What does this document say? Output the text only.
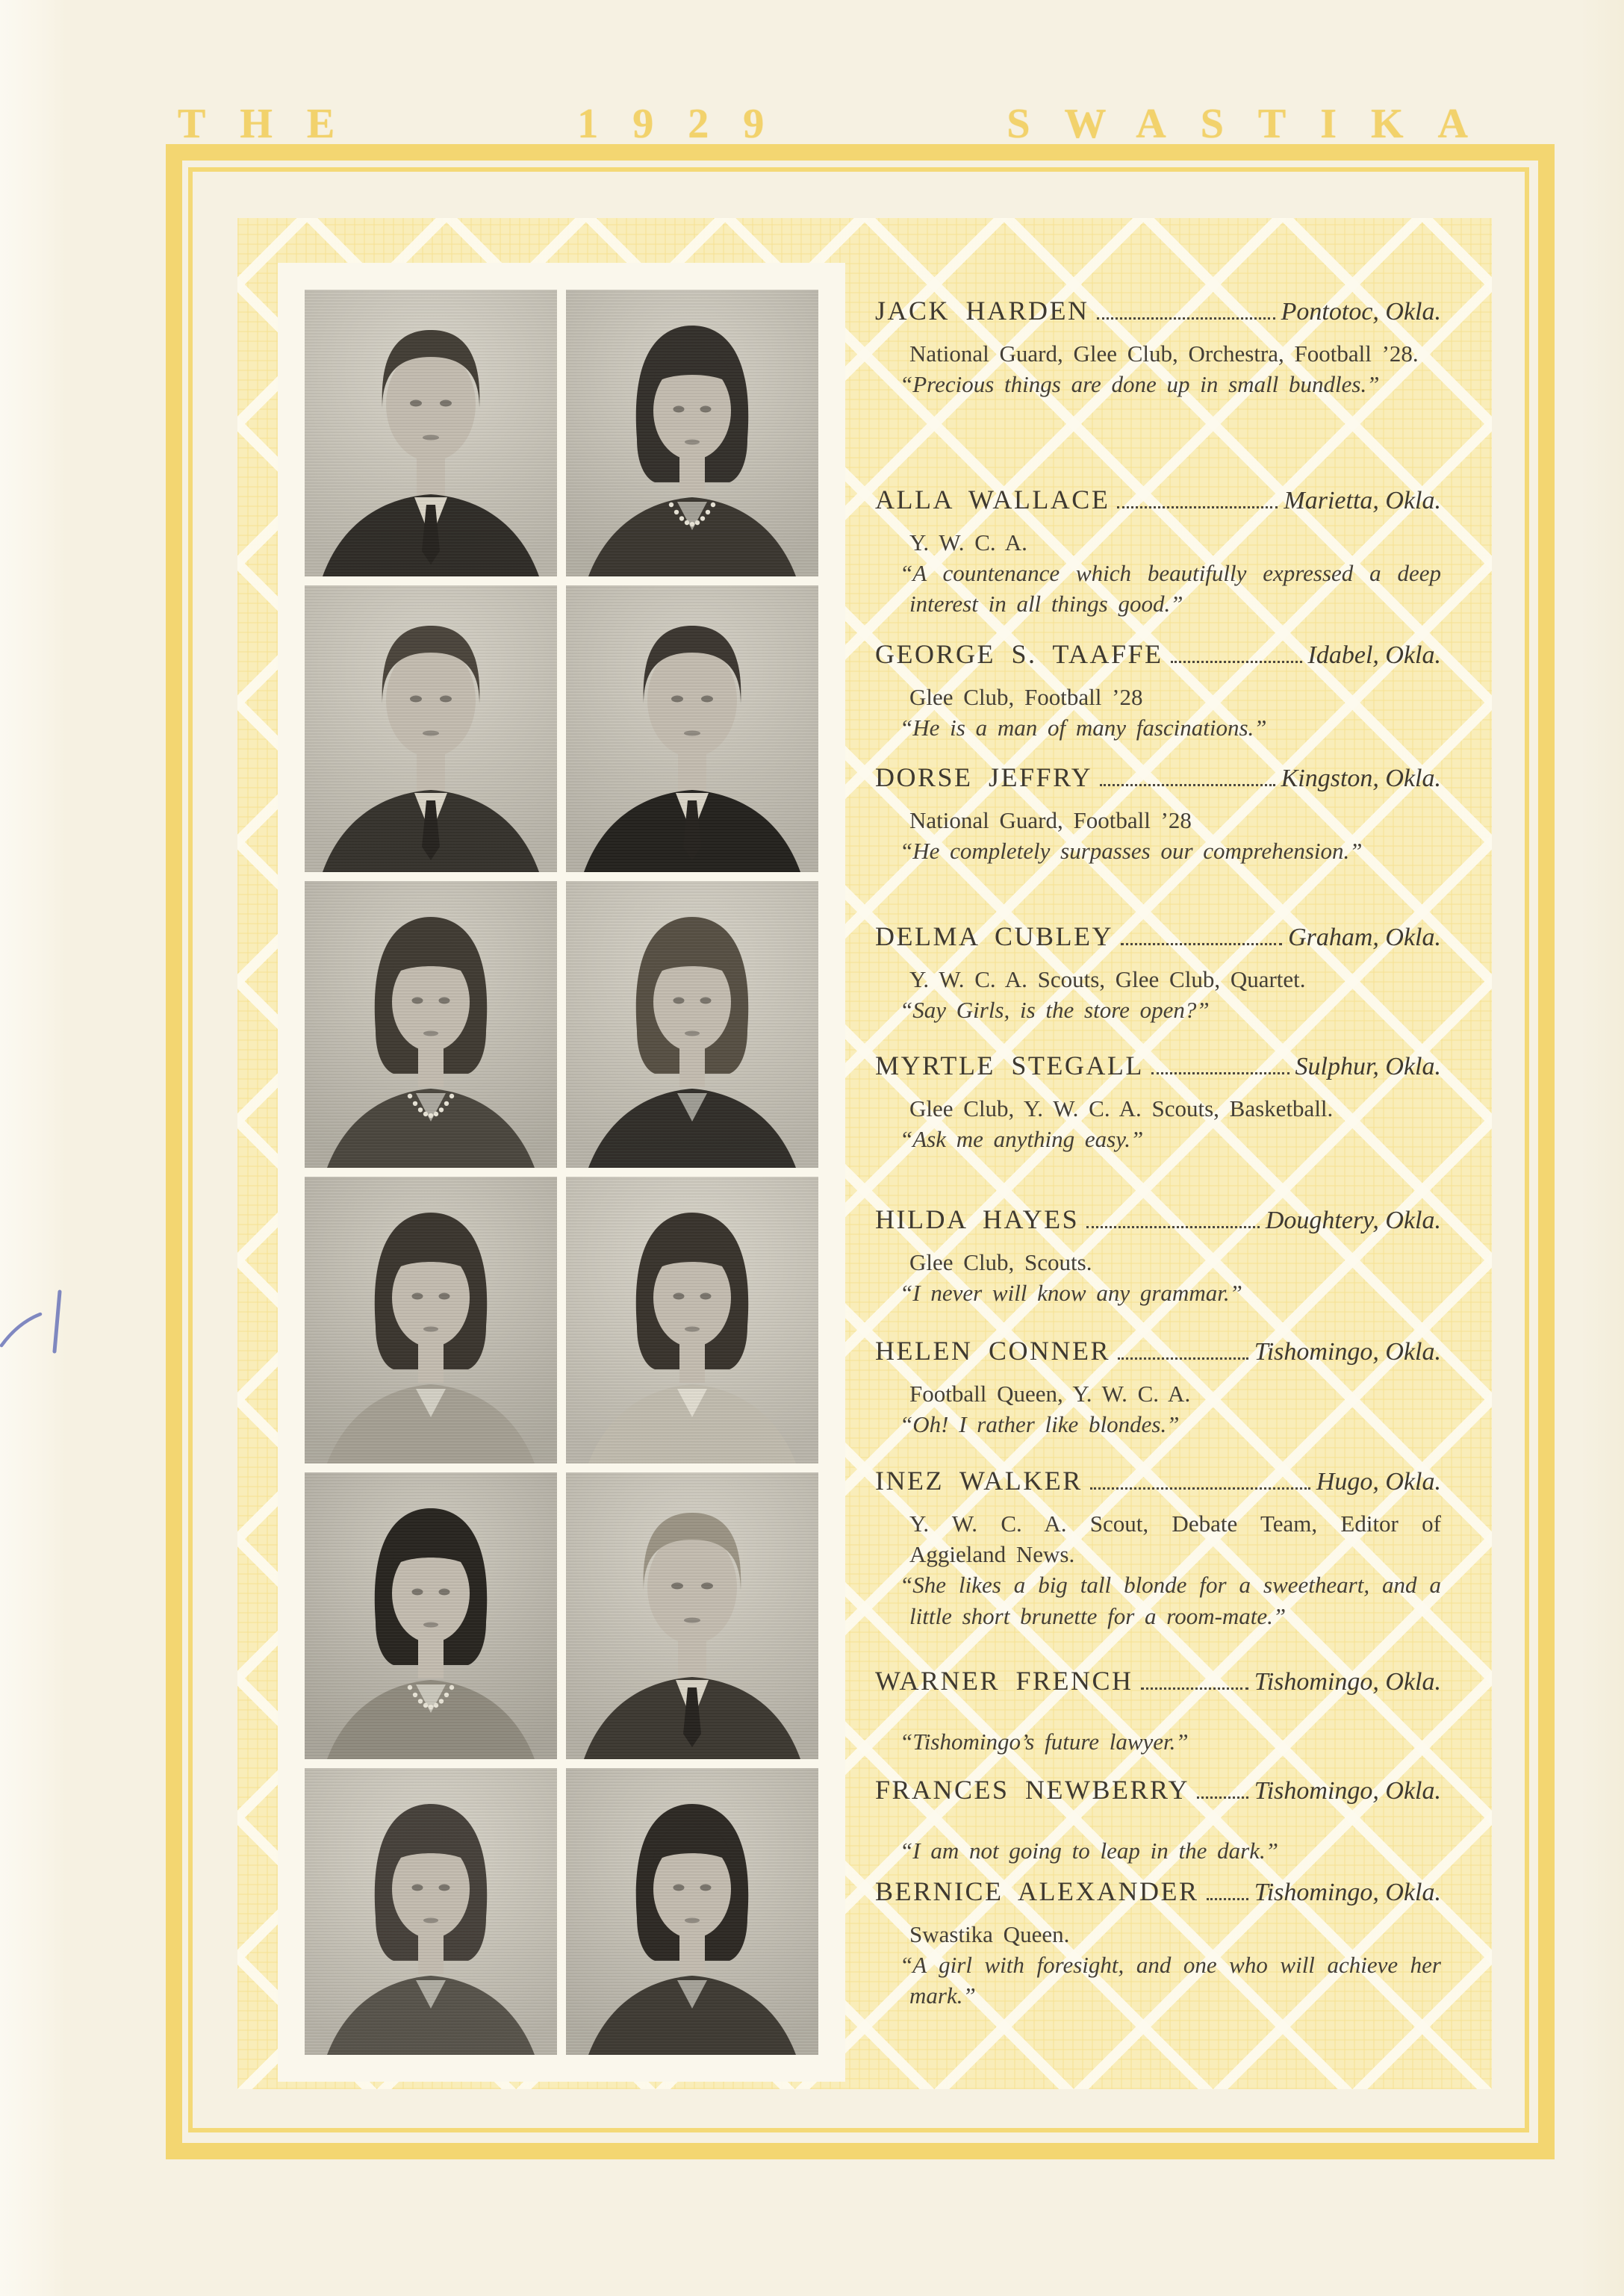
THE	1929	SWASTIKA
JACK HARDEN	Pontotoc, Okla.
National Guard, Glee Club, Orchestra, Football ’28.
“Precious things are done up in small bundles.”
ALLA WALLACE	Marietta, Okla.
Y. W. C. A.
“A countenance which beautifully expressed a deep interest in all things good.”
GEORGE S. TAAFFE	Idabel, Okla.
Glee Club, Football ’28
“He is a man of many fascinations.”
DORSE JEFFRY	Kingston, Okla.
National Guard, Football ’28
“He completely surpasses our comprehension.”
DELMA CUBLEY	Graham, Okla.
Y. W. C. A. Scouts, Glee Club, Quartet.
“Say Girls, is the store open?”
MYRTLE STEGALL	Sulphur, Okla.
Glee Club, Y. W. C. A. Scouts, Basketball.
“Ask me anything easy.”
HILDA HAYES	Doughtery, Okla.
Glee Club, Scouts.
“I never will know any grammar.”
HELEN CONNER	Tishomingo, Okla.
Football Queen, Y. W. C. A.
“Oh! I rather like blondes.”
INEZ WALKER	Hugo, Okla.
Y. W. C. A. Scout, Debate Team, Editor of Aggieland News.
“She likes a big tall blonde for a sweetheart, and a little short brunette for a room-mate.”
WARNER FRENCH	Tishomingo, Okla.
“Tishomingo’s future lawyer.”
FRANCES NEWBERRY	Tishomingo, Okla.
“I am not going to leap in the dark.”
BERNICE ALEXANDER Tishomingo, Okla.
Swastika Queen.
“A girl with foresight, and one who will achieve her mark.”
